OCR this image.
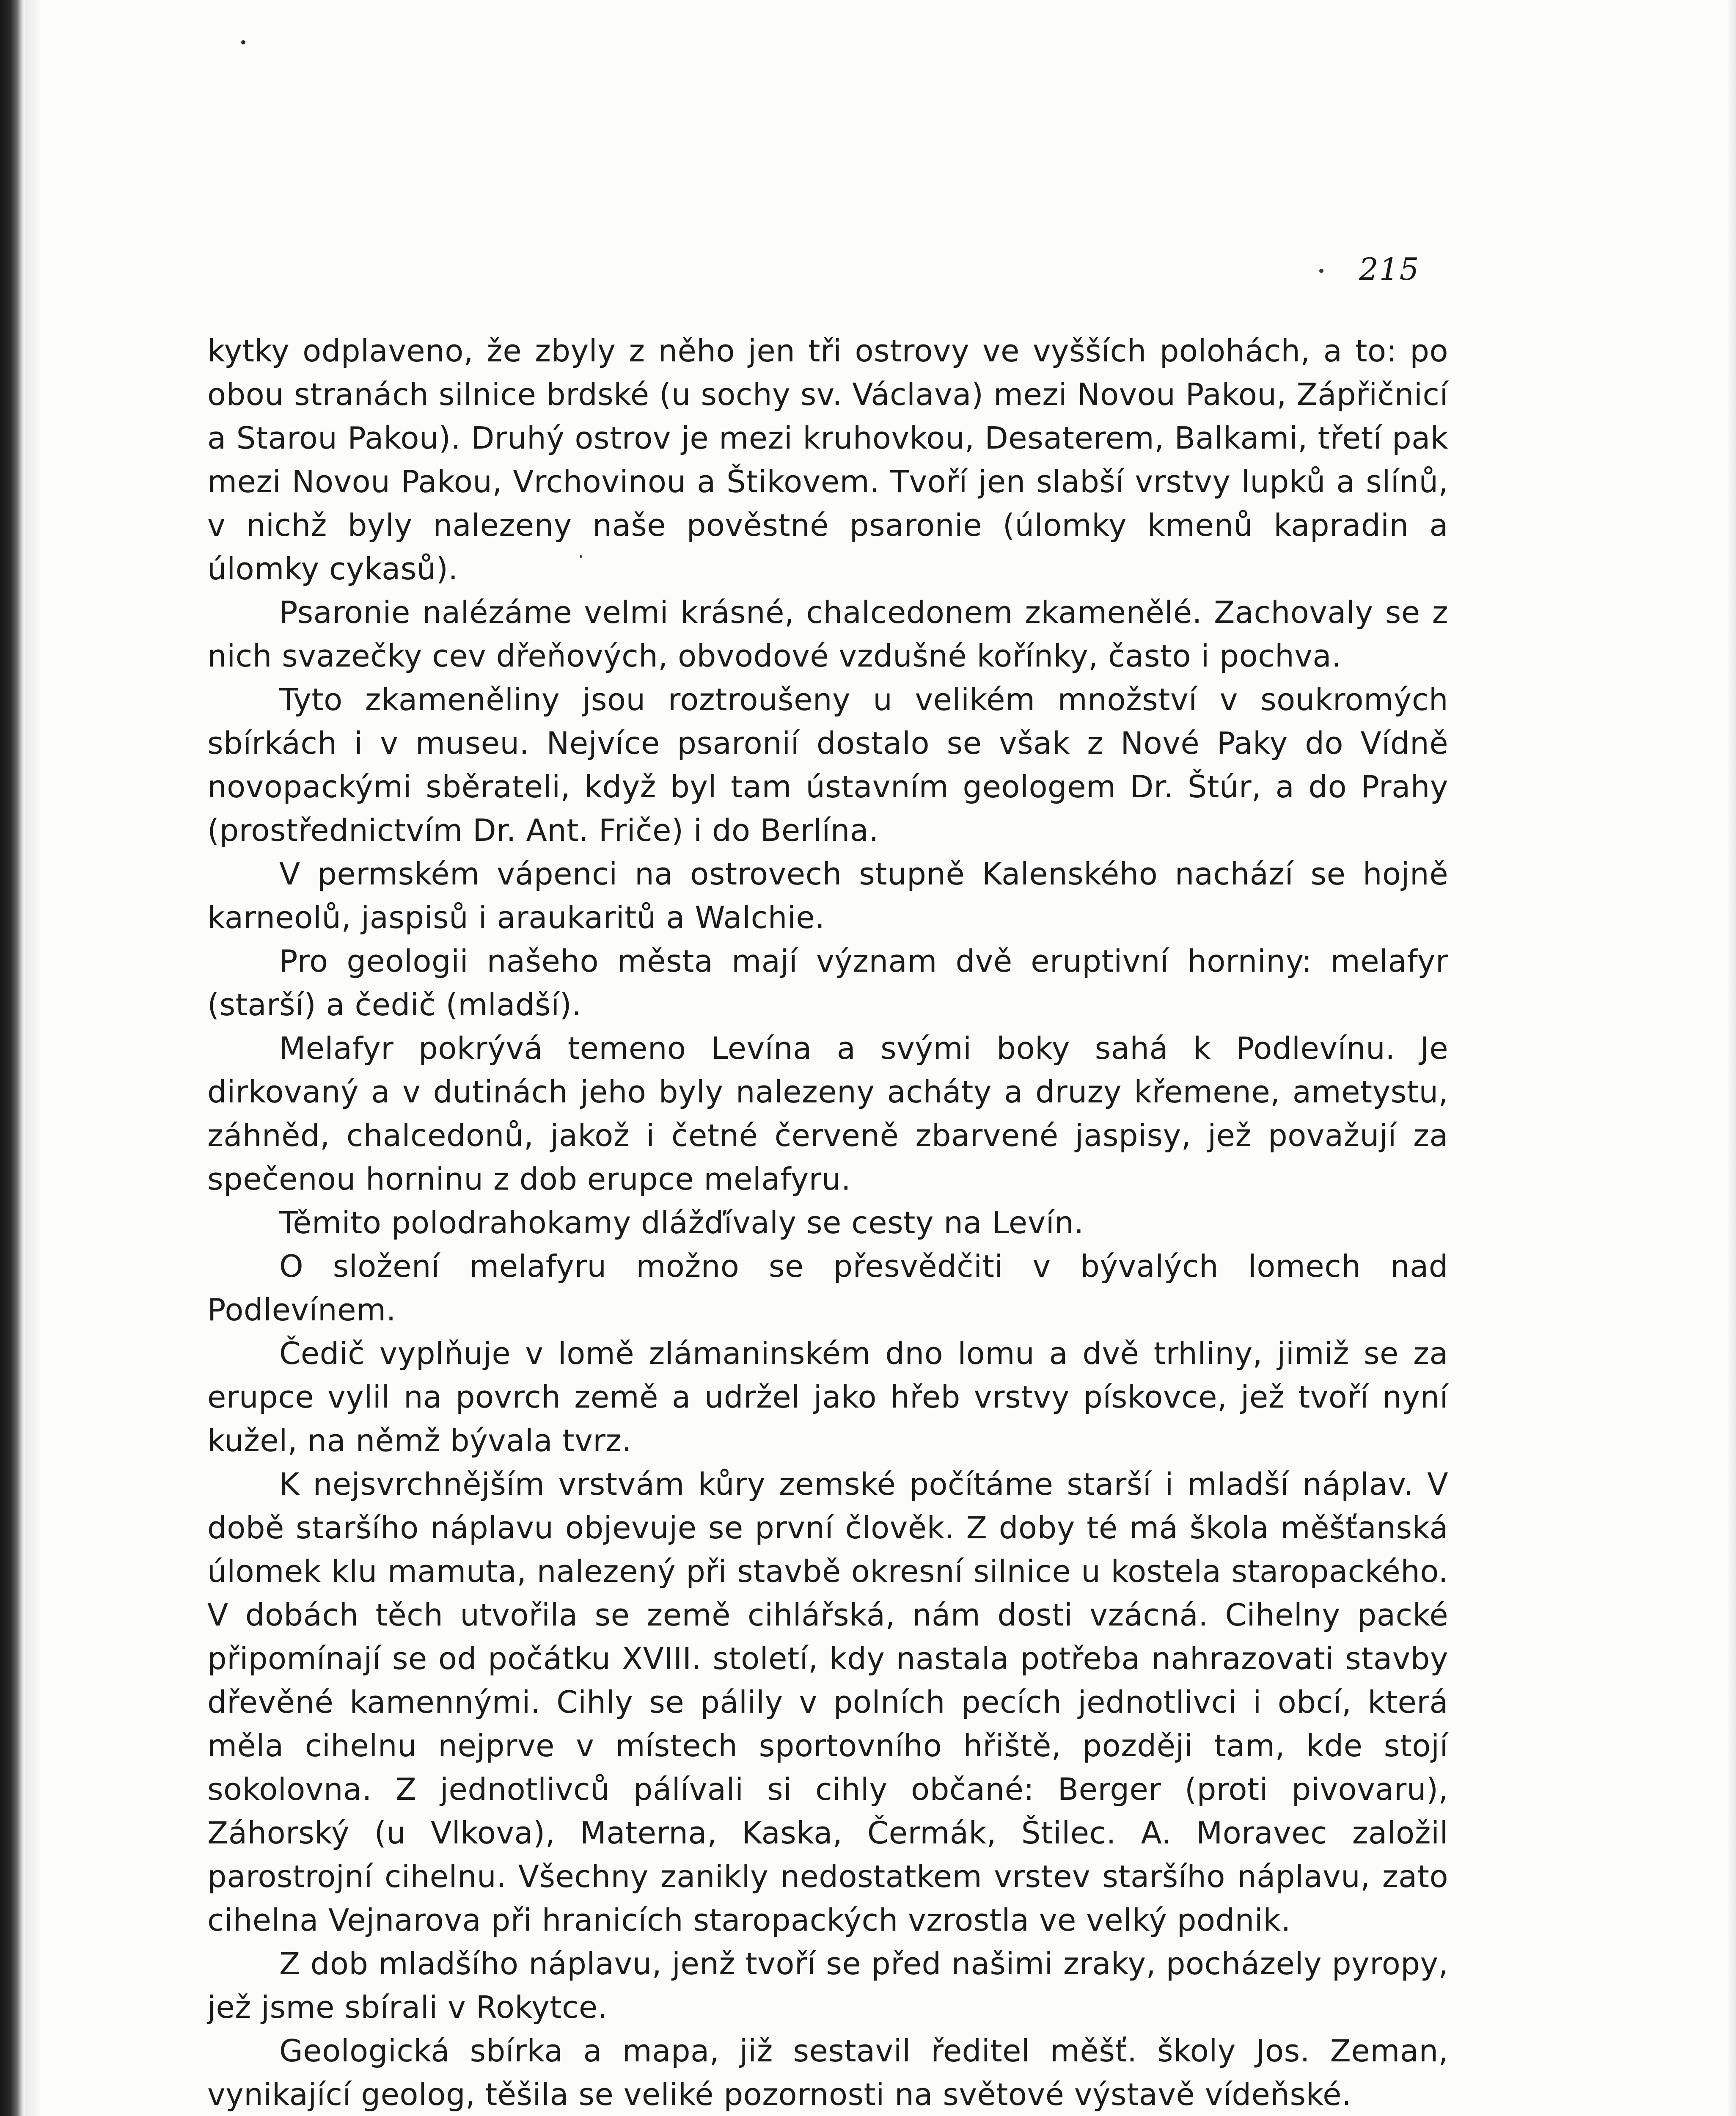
215

kytky odplaveno, že zbyly z něho jen tři ostrovy ve vyšších polohách, a to: po obou stranách silnice brdské (u sochy sv. Václava) mezi Novou Pakou, Zápřičnicí a Starou Pakou). Druhý ostrov je mezi kruhovkou, Desaterem, Balkami, třetí pak mezi Novou Pakou, Vrchovinou a Štikovem. Tvoří jen slabší vrstvy lupků a slínů, v nichž byly nalezeny naše pověstné psaronie (úlomky kmenů kapradin a úlomky cykasů).

Psaronie nalézáme velmi krásné, chalcedonem zkamenělé. Zachovaly se z nich svazečky cev dřeňových, obvodové vzdušné kořínky, často i pochva.

Tyto zkameněliny jsou roztroušeny u velikém množství v soukromých sbírkách i v museu. Nejvíce psaronií dostalo se však z Nové Paky do Vídně novopackými sběrateli, když byl tam ústavním geologem Dr. Štúr, a do Prahy (prostřednictvím Dr. Ant. Friče) i do Berlína.

V permském vápenci na ostrovech stupně Kalenského nachází se hojně karneolů, jaspisů i araukaritů a Walchie.

Pro geologii našeho města mají význam dvě eruptivní horniny: melafyr (starší) a čedič (mladší).

Melafyr pokrývá temeno Levína a svými boky sahá k Podlevínu. Je dirkovaný a v dutinách jeho byly nalezeny acháty a druzy křemene, ametystu, záhněd, chalcedonů, jakož i četné červeně zbarvené jaspisy, jež považují za spečenou horninu z dob erupce melafyru.

Těmito polodrahokamy dlážďívaly se cesty na Levín.

O složení melafyru možno se přesvědčiti v bývalých lomech nad Podlevínem.

Čedič vyplňuje v lomě zlámaninském dno lomu a dvě trhliny, jimiž se za erupce vylil na povrch země a udržel jako hřeb vrstvy pískovce, jež tvoří nyní kužel, na němž bývala tvrz.

K nejsvrchnějším vrstvám kůry zemské počítáme starší i mladší náplav. V době staršího náplavu objevuje se první člověk. Z doby té má škola měšťanská úlomek klu mamuta, nalezený při stavbě okresní silnice u kostela staropackého. V dobách těch utvořila se země cihlářská, nám dosti vzácná. Cihelny packé připomínají se od počátku XVIII. století, kdy nastala potřeba nahrazovati stavby dřevěné kamennými. Cihly se pálily v polních pecích jednotlivci i obcí, která měla cihelnu nejprve v místech sportovního hřiště, později tam, kde stojí sokolovna. Z jednotlivců pálívali si cihly občané: Berger (proti pivovaru), Záhorský (u Vlkova), Materna, Kaska, Čermák, Štilec. A. Moravec založil parostrojní cihelnu. Všechny zanikly nedostatkem vrstev staršího náplavu, zato cihelna Vejnarova při hranicích staropackých vzrostla ve velký podnik.

Z dob mladšího náplavu, jenž tvoří se před našimi zraky, pocházely pyropy, jež jsme sbírali v Rokytce.

Geologická sbírka a mapa, již sestavil ředitel měšť. školy Jos. Zeman, vynikající geolog, těšila se veliké pozornosti na světové výstavě vídeňské.
